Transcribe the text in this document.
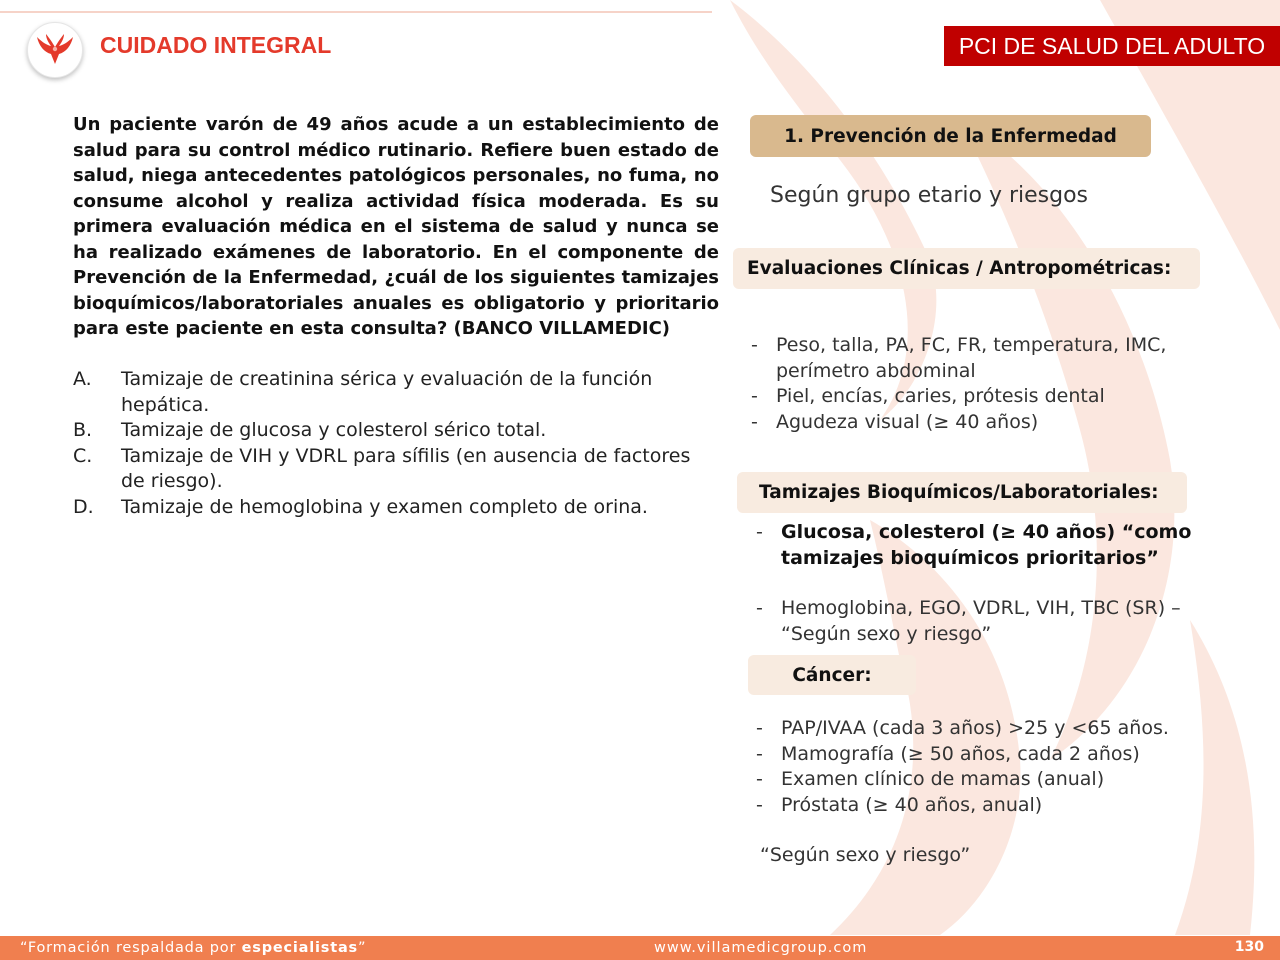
CUIDADO INTEGRAL	PCI DE SALUD DEL ADULTO
Un paciente varón de 49 años acude a un establecimiento de salud para su control médico rutinario. Refiere buen estado de salud, niega antecedentes patológicos personales, no fuma, no consume alcohol y realiza actividad física moderada. Es su primera evaluación médica en el sistema de salud y nunca se ha realizado exámenes de laboratorio. En el componente de Prevención de la Enfermedad, ¿cuál de los siguientes tamizajes bioquímicos/laboratoriales anuales es obligatorio y prioritario para este paciente en esta consulta? (BANCO VILLAMEDIC)
A.	Tamizaje de creatinina sérica y evaluación de la función hepática.
B.	Tamizaje de glucosa y colesterol sérico total.
C.	Tamizaje de VIH y VDRL para sífilis (en ausencia de factores de riesgo).
D.	Tamizaje de hemoglobina y examen completo de orina.
1. Prevención de la Enfermedad
Según grupo etario y riesgos
Evaluaciones Clínicas / Antropométricas:
- Peso, talla, PA, FC, FR, temperatura, IMC, perímetro abdominal
- Piel, encías, caries, prótesis dental
- Agudeza visual (≥ 40 años)
Tamizajes Bioquímicos/Laboratoriales:
- Glucosa, colesterol (≥ 40 años) “como tamizajes bioquímicos prioritarios”
- Hemoglobina, EGO, VDRL, VIH, TBC (SR) – “Según sexo y riesgo”
Cáncer:
- PAP/IVAA (cada 3 años) >25 y <65 años.
- Mamografía (≥ 50 años, cada 2 años)
- Examen clínico de mamas (anual)
- Próstata (≥ 40 años, anual)
“Según sexo y riesgo”
“Formación respaldada por especialistas”	www.villamedicgroup.com	130
